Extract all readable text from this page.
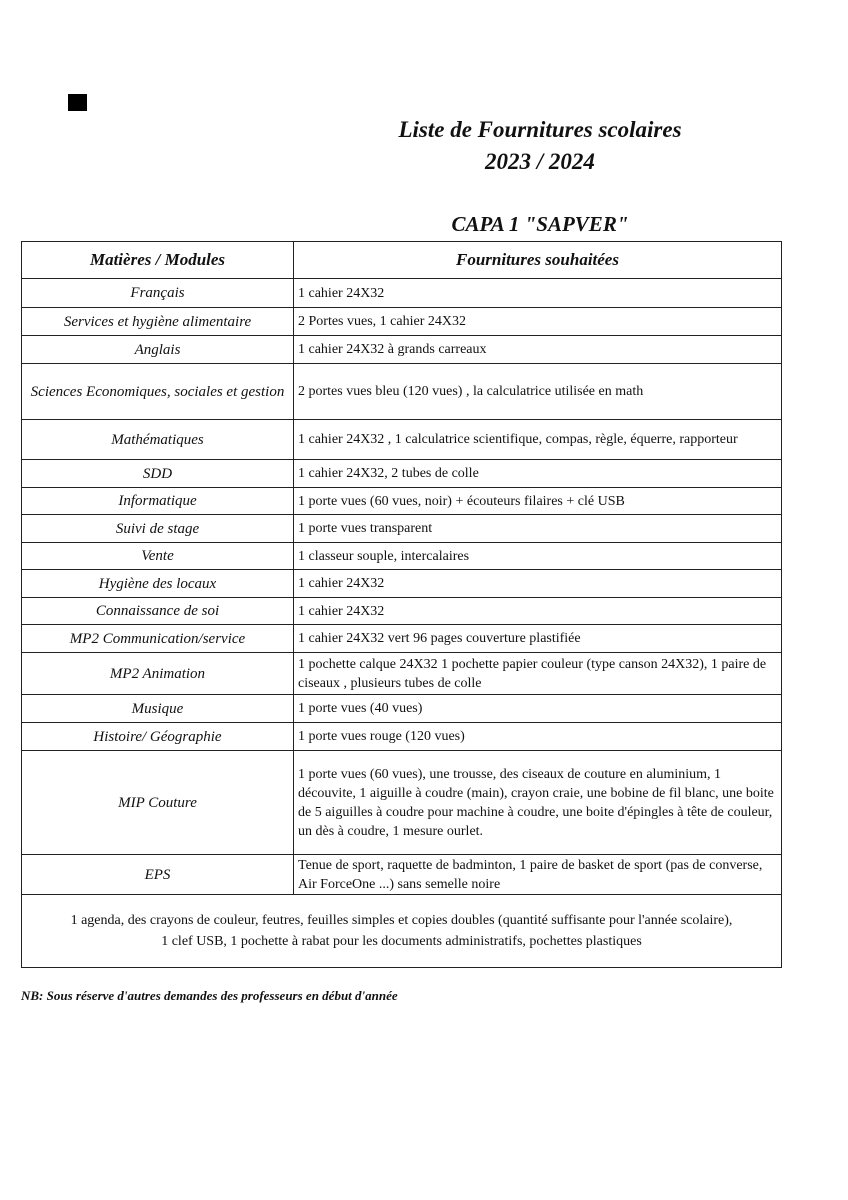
Liste de Fournitures scolaires
2023 / 2024
CAPA 1 "SAPVER"
Matières / Modules	Fournitures souhaitées
Français	1 cahier 24X32
Services et hygiène alimentaire	2 Portes vues, 1 cahier 24X32
Anglais	1 cahier 24X32 à grands carreaux
Sciences Economiques, sociales et gestion	2 portes vues bleu (120 vues) , la calculatrice utilisée en math
Mathématiques	1 cahier 24X32 , 1 calculatrice scientifique, compas, règle, équerre, rapporteur
SDD	1 cahier 24X32, 2 tubes de colle
Informatique	1 porte vues (60 vues, noir) + écouteurs filaires + clé USB
Suivi de stage	1 porte vues transparent
Vente	1 classeur souple, intercalaires
Hygiène des locaux	1 cahier 24X32
Connaissance de soi	1 cahier 24X32
MP2 Communication/service	1 cahier 24X32 vert 96 pages couverture plastifiée
MP2 Animation	1 pochette calque 24X32 1 pochette papier couleur (type canson 24X32), 1 paire de ciseaux , plusieurs tubes de colle
Musique	1 porte vues (40 vues)
Histoire/ Géographie	1 porte vues rouge (120 vues)
MIP Couture	1 porte vues (60 vues), une trousse, des ciseaux de couture en aluminium, 1 découvite, 1 aiguille à coudre (main), crayon craie, une bobine de fil blanc, une boite de 5 aiguilles à coudre pour machine à coudre, une boite d'épingles à tête de couleur, un dès à coudre, 1 mesure ourlet.
EPS	Tenue de sport, raquette de badminton, 1 paire de basket de sport (pas de converse, Air ForceOne ...) sans semelle noire

1 agenda, des crayons de couleur, feutres, feuilles simples et copies doubles (quantité suffisante pour l'année scolaire),
1 clef USB, 1 pochette à rabat pour les documents administratifs, pochettes plastiques	

NB: Sous réserve d'autres demandes des professeurs en début d'année
